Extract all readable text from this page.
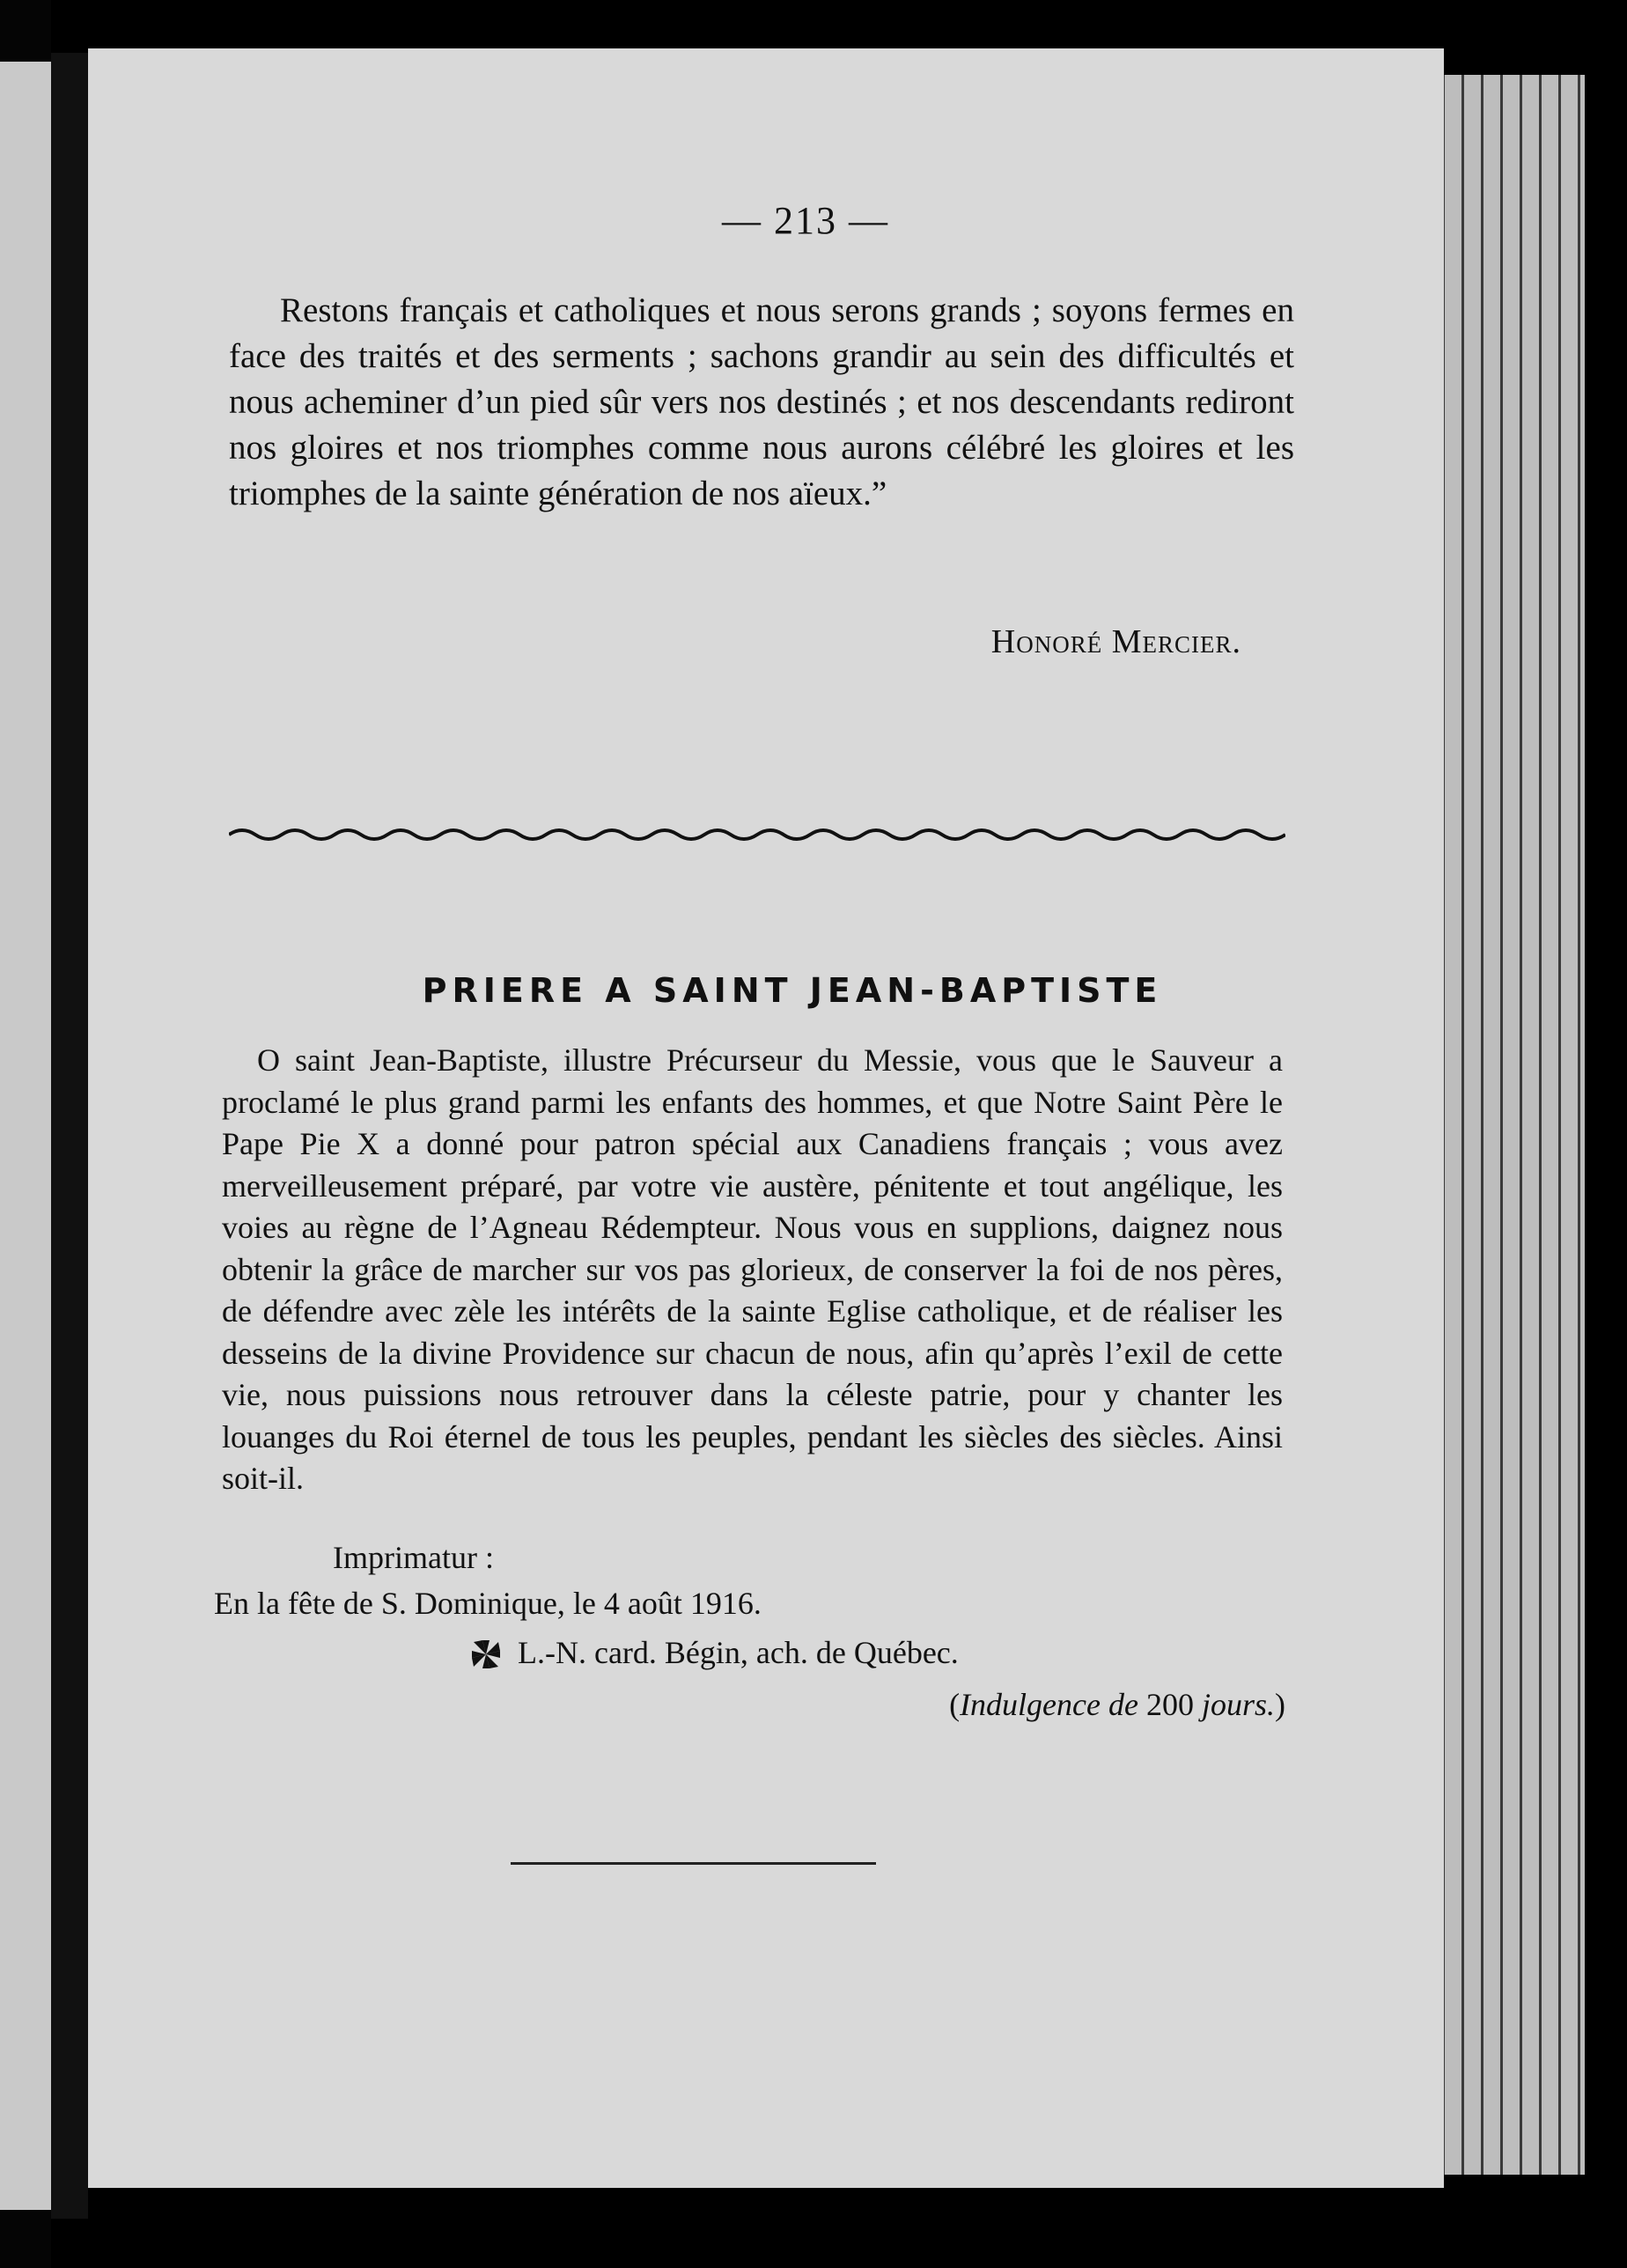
— 213 —

Restons français et catholiques et nous serons grands ; soyons fermes en face des traités et des serments ; sachons grandir au sein des difficultés et nous acheminer d’un pied sûr vers nos destinés ; et nos descendants rediront nos gloires et nos triomphes comme nous aurons célébré les gloires et les triomphes de la sainte génération de nos aïeux.”

Honoré Mercier.
PRIERE A SAINT JEAN-BAPTISTE

O saint Jean-Baptiste, illustre Précurseur du Messie, vous que le Sauveur a proclamé le plus grand parmi les enfants des hommes, et que Notre Saint Père le Pape Pie X a donné pour patron spécial aux Canadiens français ; vous avez merveilleusement préparé, par votre vie austère, pénitente et tout angélique, les voies au règne de l’Agneau Rédempteur. Nous vous en supplions, daignez nous obtenir la grâce de marcher sur vos pas glorieux, de conserver la foi de nos pères, de défendre avec zèle les intérêts de la sainte Eglise catholique, et de réaliser les desseins de la divine Providence sur chacun de nous, afin qu’après l’exil de cette vie, nous puissions nous retrouver dans la céleste patrie, pour y chanter les louanges du Roi éternel de tous les peuples, pendant les siècles des siècles. Ainsi soit-il.

Imprimatur :
En la fête de S. Dominique, le 4 août 1916.
L.-N. card. Bégin, ach. de Québec.
(Indulgence de 200 jours.)
